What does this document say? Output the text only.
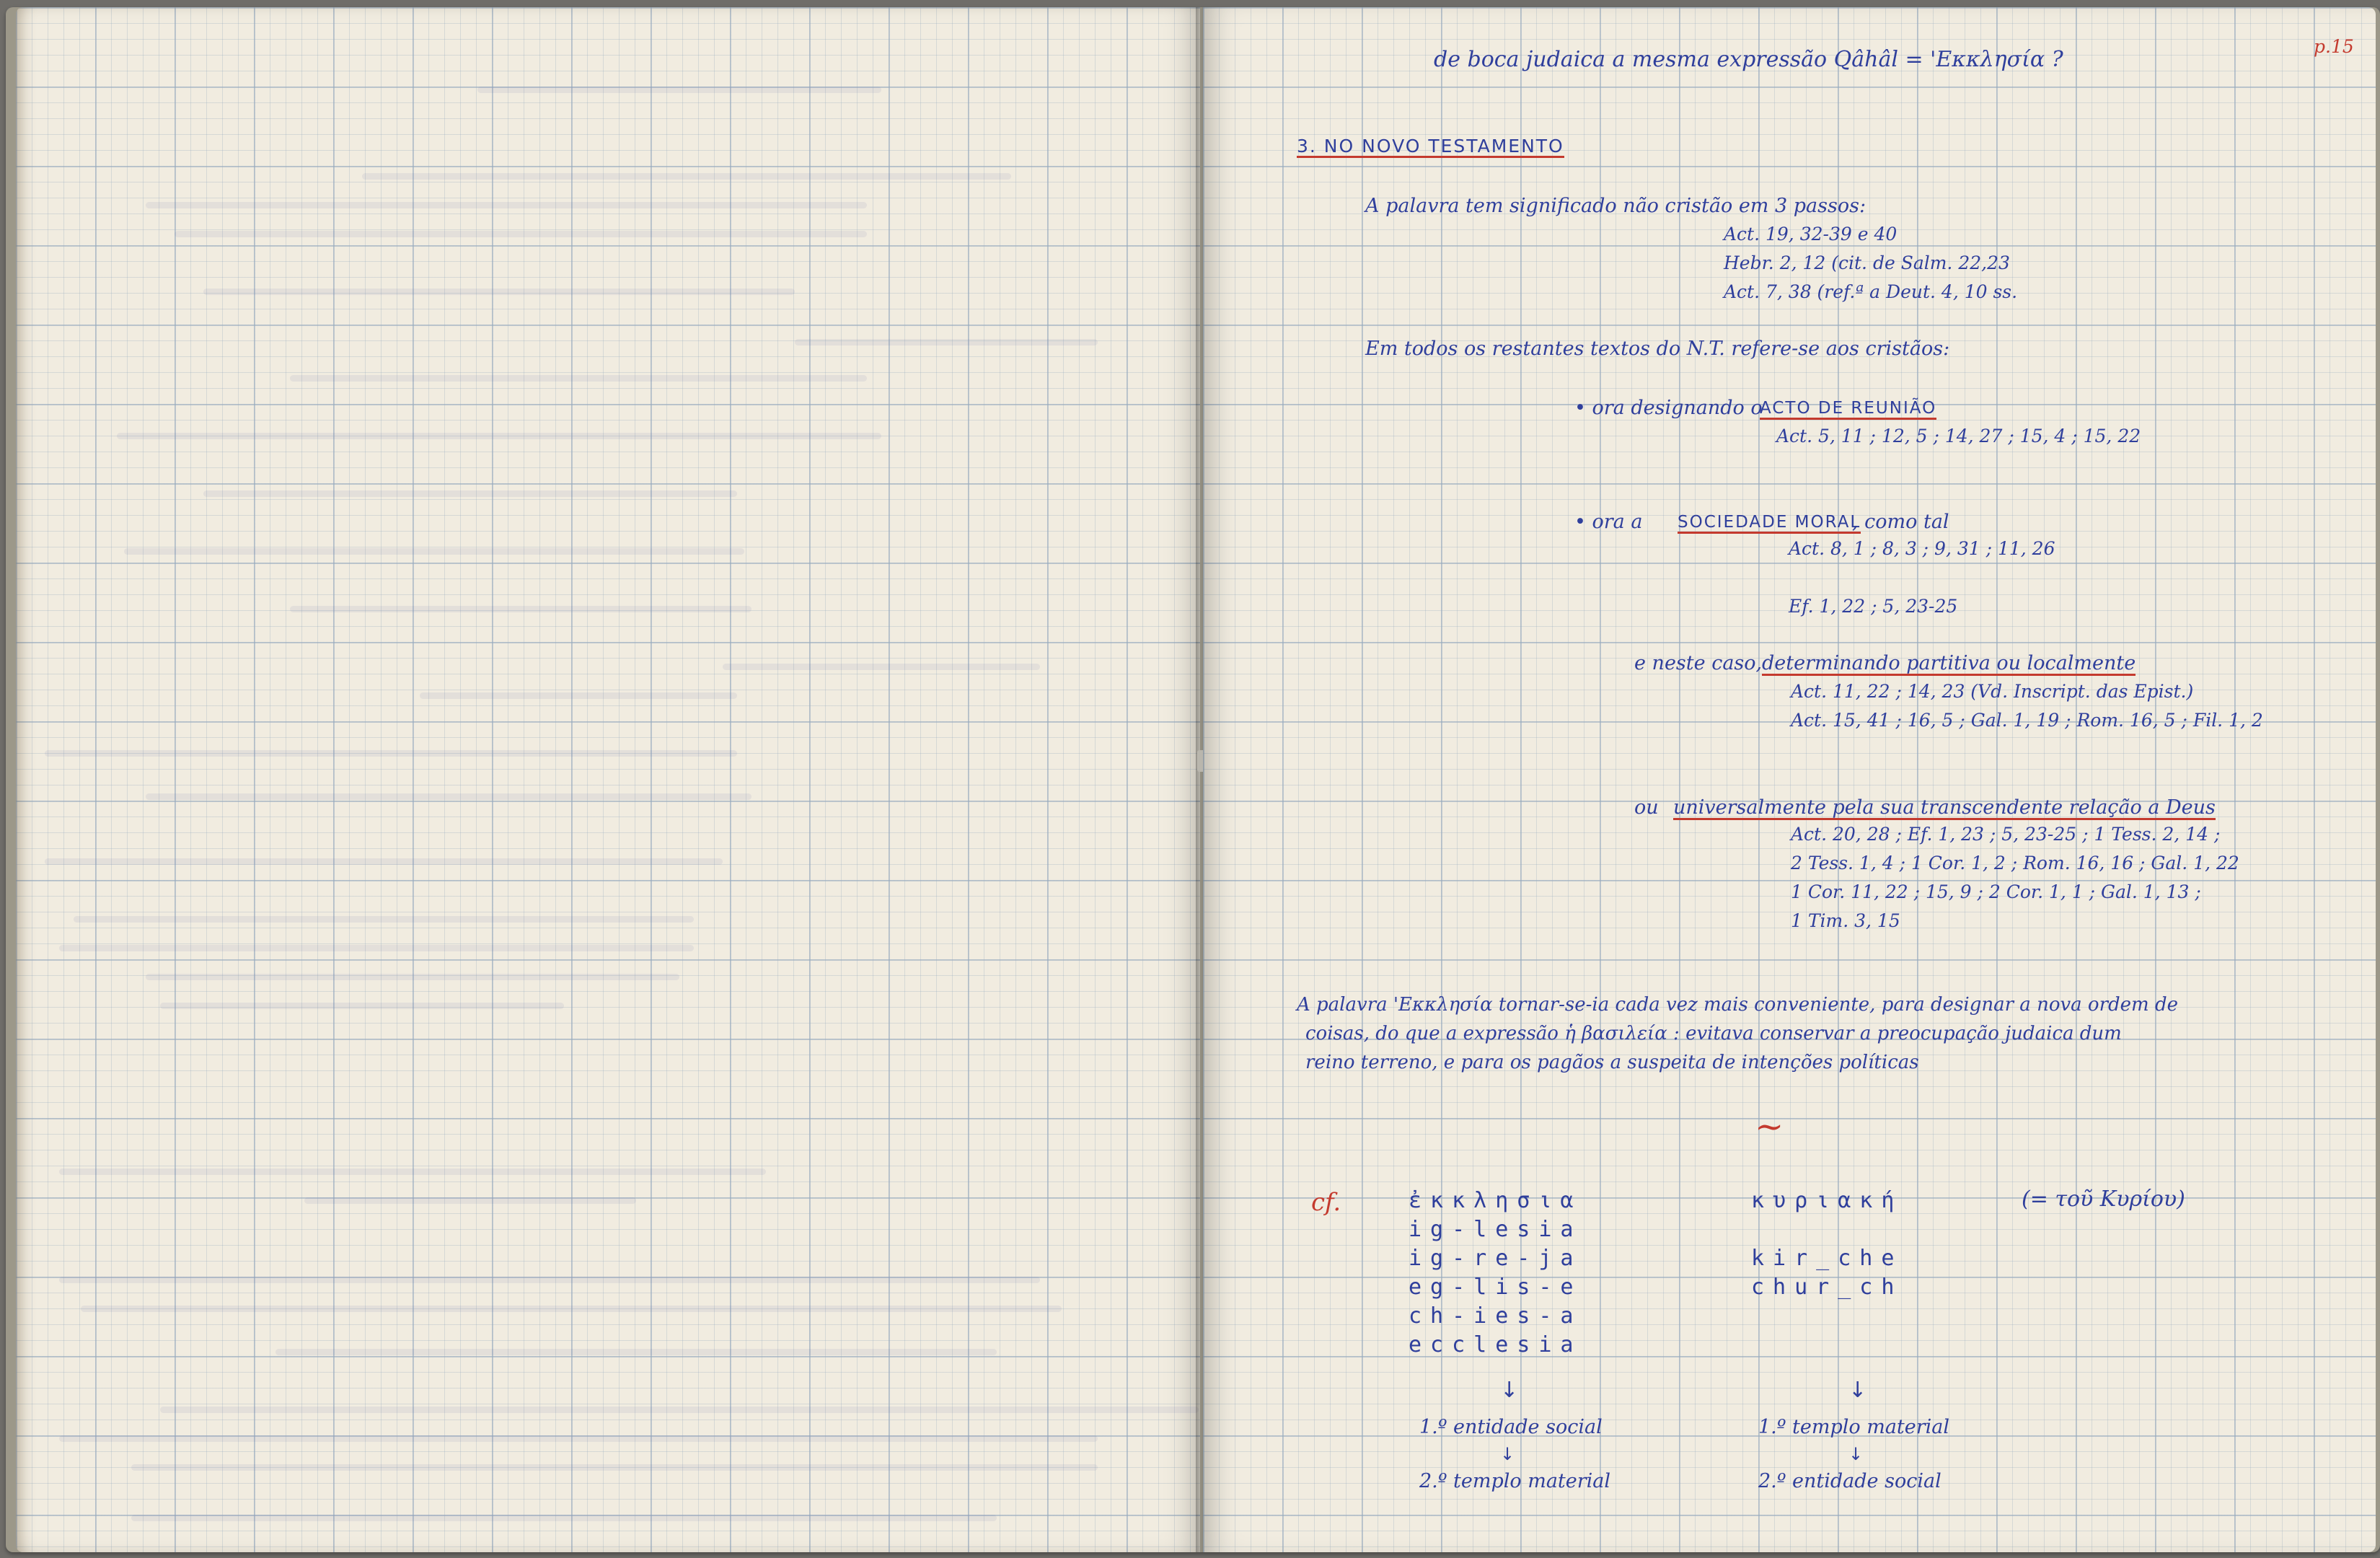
p.15
de boca judaica a mesma expressão Qâhâl = 'Εκκλησία ?
3. NO NOVO TESTAMENTO
A palavra tem significado não cristão em 3 passos:
Act. 19, 32-39 e 40
Hebr. 2, 12 (cit. de Salm. 22,23
Act. 7, 38 (ref.ª a Deut. 4, 10 ss.
Em todos os restantes textos do N.T. refere-se aos cristãos:
• ora designando o
ACTO DE REUNIÃO
Act. 5, 11 ; 12, 5 ; 14, 27 ; 15, 4 ; 15, 22
• ora a SOCIEDADE MORAL
, como tal
Act. 8, 1 ; 8, 3 ; 9, 31 ; 11, 26
Ef. 1, 22 ; 5, 23-25
e neste caso, determinando partitiva ou localmente
Act. 11, 22 ; 14, 23 (Vd. Inscript. das Epist.)
Act. 15, 41 ; 16, 5 ; Gal. 1, 19 ; Rom. 16, 5 ; Fil. 1, 2
ou universalmente pela sua transcendente relação a Deus
Act. 20, 28 ; Ef. 1, 23 ; 5, 23-25 ; 1 Tess. 2, 14 ;
2 Tess. 1, 4 ; 1 Cor. 1, 2 ; Rom. 16, 16 ; Gal. 1, 22
1 Cor. 11, 22 ; 15, 9 ; 2 Cor. 1, 1 ; Gal. 1, 13 ;
1 Tim. 3, 15
A palavra 'Εκκλησία tornar-se-ia cada vez mais conveniente, para designar a nova ordem de
coisas, do que a expressão ἡ βασιλεία : evitava conservar a preocupação judaica dum
reino terreno, e para os pagãos a suspeita de intenções políticas
~
cf.	ἐκκλησια
ig-lesia
ig-re-ja
eg-lis-e
ch-ies-a
ecclesia
↓
1.º entidade social
↓
2.º templo material
κυριακή
kir_che
chur_ch
(= τοῦ Κυρίου)
↓
1.º templo material
↓
2.º entidade social
